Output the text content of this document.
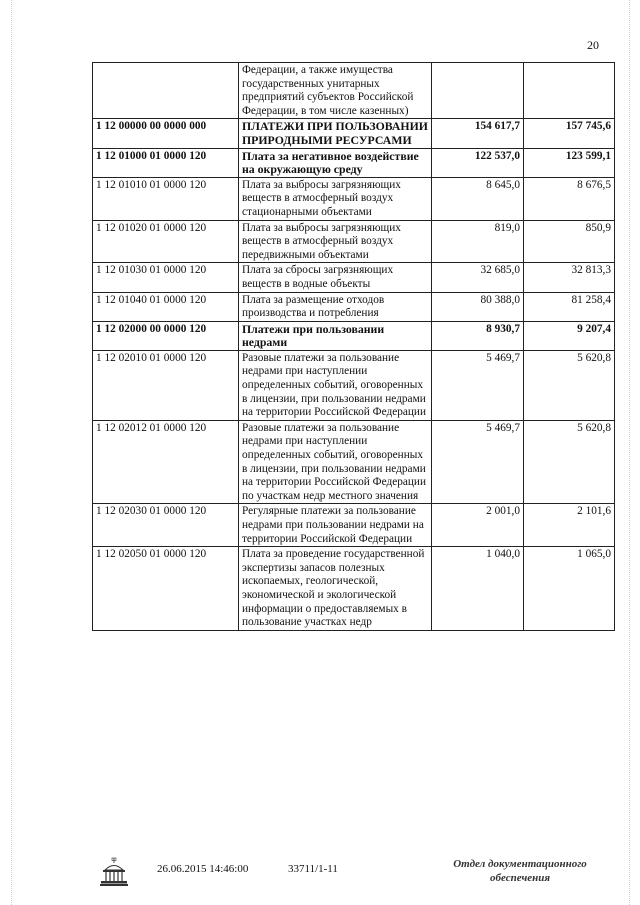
20
	Федерации, а также имущества государственных унитарных предприятий субъектов Российской Федерации, в том числе казенных)		
1 12 00000 00 0000 000	ПЛАТЕЖИ ПРИ ПОЛЬЗОВАНИИ ПРИРОДНЫМИ РЕСУРСАМИ	154 617,7	157 745,6
1 12 01000 01 0000 120	Плата за негативное воздействие на окружающую среду	122 537,0	123 599,1
1 12 01010 01 0000 120	Плата за выбросы загрязняющих веществ в атмосферный воздух стационарными объектами	8 645,0	8 676,5
1 12 01020 01 0000 120	Плата за выбросы загрязняющих веществ в атмосферный воздух передвижными объектами	819,0	850,9
1 12 01030 01 0000 120	Плата за сбросы загрязняющих веществ в водные объекты	32 685,0	32 813,3
1 12 01040 01 0000 120	Плата за размещение отходов производства и потребления	80 388,0	81 258,4
1 12 02000 00 0000 120	Платежи при пользовании недрами	8 930,7	9 207,4
1 12 02010 01 0000 120	Разовые платежи за пользование недрами при наступлении определенных событий, оговоренных в лицензии, при пользовании недрами на территории Российской Федерации	5 469,7	5 620,8
1 12 02012 01 0000 120	Разовые платежи за пользование недрами при наступлении определенных событий, оговоренных в лицензии, при пользовании недрами на территории Российской Федерации по участкам недр местного значения	5 469,7	5 620,8
1 12 02030 01 0000 120	Регулярные платежи за пользование недрами при пользовании недрами на территории Российской Федерации	2 001,0	2 101,6
1 12 02050 01 0000 120	Плата за проведение государственной экспертизы запасов полезных ископаемых, геологической, экономической и экологической информации о предоставляемых в пользование участках недр	1 040,0	1 065,0
26.06.2015 14:46:00	33711/1-11	Отдел документационного
обеспечения
